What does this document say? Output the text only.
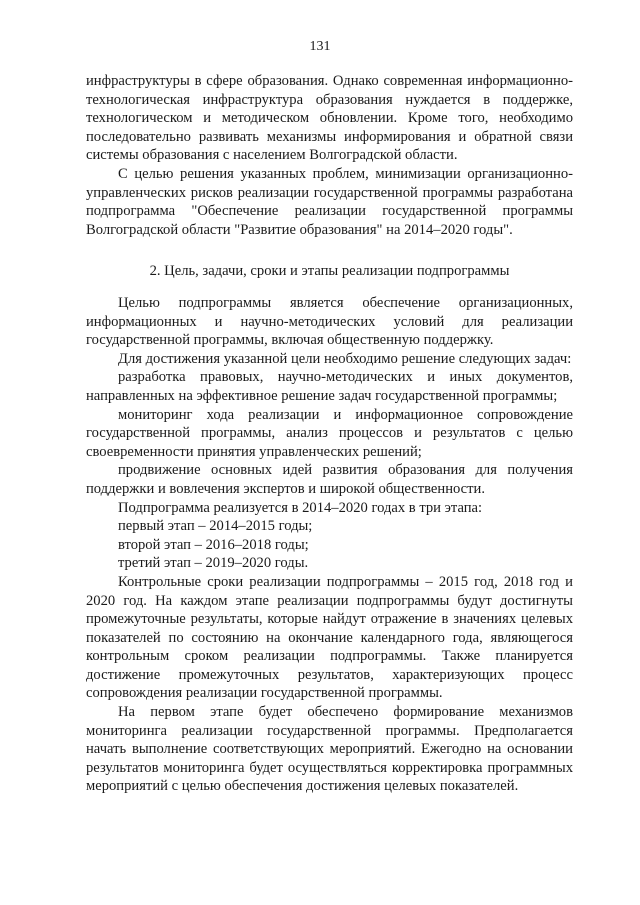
131

инфраструктуры в сфере образования. Однако современная информационно-технологическая инфраструктура образования нуждается в поддержке, технологическом и методическом обновлении. Кроме того, необходимо последовательно развивать механизмы информирования и обратной связи системы образования с населением Волгоградской области.

С целью решения указанных проблем, минимизации организационно-управленческих рисков реализации государственной программы разработана подпрограмма "Обеспечение реализации государственной программы Волгоградской области "Развитие образования" на 2014–2020 годы".

2. Цель, задачи, сроки и этапы реализации подпрограммы

Целью подпрограммы является обеспечение организационных, информационных и научно-методических условий для реализации государственной программы, включая общественную поддержку.

Для достижения указанной цели необходимо решение следующих задач:

разработка правовых, научно-методических и иных документов, направленных на эффективное решение задач государственной программы;

мониторинг хода реализации и информационное сопровождение государственной программы, анализ процессов и результатов с целью своевременности принятия управленческих решений;

продвижение основных идей развития образования для получения поддержки и вовлечения экспертов и широкой общественности.

Подпрограмма реализуется в 2014–2020 годах в три этапа:

первый этап – 2014–2015 годы;

второй этап – 2016–2018 годы;

третий этап – 2019–2020 годы.

Контрольные сроки реализации подпрограммы – 2015 год, 2018 год и 2020 год. На каждом этапе реализации подпрограммы будут достигнуты промежуточные результаты, которые найдут отражение в значениях целевых показателей по состоянию на окончание календарного года, являющегося контрольным сроком реализации подпрограммы. Также планируется достижение промежуточных результатов, характеризующих процесс сопровождения реализации государственной программы.

На первом этапе будет обеспечено формирование механизмов мониторинга реализации государственной программы. Предполагается начать выполнение соответствующих мероприятий. Ежегодно на основании результатов мониторинга будет осуществляться корректировка программных мероприятий с целью обеспечения достижения целевых показателей.
